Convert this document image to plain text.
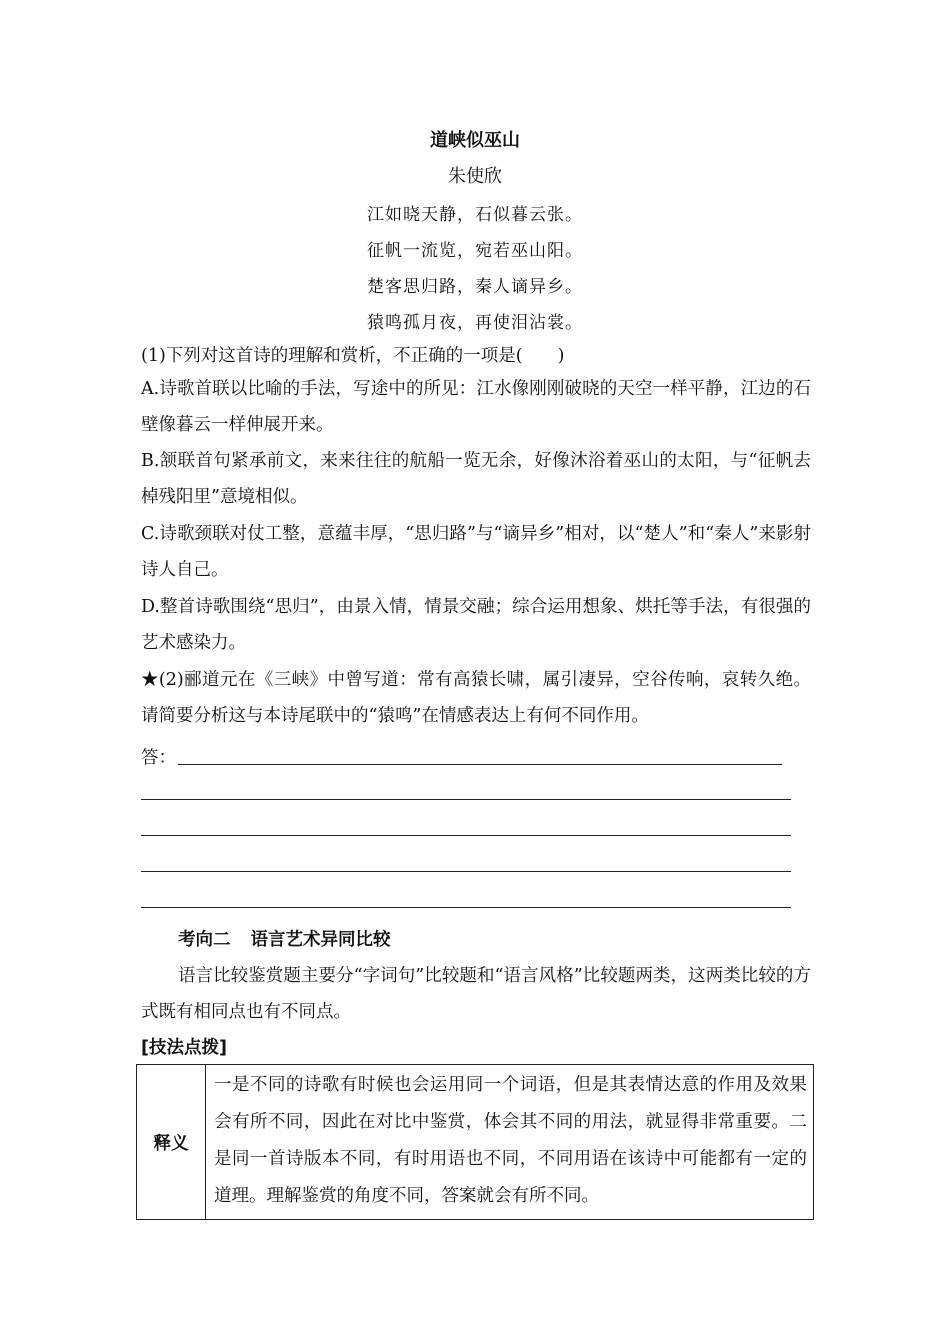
道峡似巫山
朱使欣
江如晓天静，石似暮云张。
征帆一流览，宛若巫山阳。
楚客思归路，秦人谪异乡。
猿鸣孤月夜，再使泪沾裳。
(1)下列对这首诗的理解和赏析，不正确的一项是(　　)
A.诗歌首联以比喻的手法，写途中的所见：江水像刚刚破晓的天空一样平静，江边的石壁像暮云一样伸展开来。
B.颔联首句紧承前文，来来往往的航船一览无余，好像沐浴着巫山的太阳，与“征帆去棹残阳里”意境相似。
C.诗歌颈联对仗工整，意蕴丰厚，“思归路”与“谪异乡”相对，以“楚人”和“秦人”来影射诗人自己。
D.整首诗歌围绕“思归”，由景入情，情景交融；综合运用想象、烘托等手法，有很强的艺术感染力。
★(2)郦道元在《三峡》中曾写道：常有高猿长啸，属引凄异，空谷传响，哀转久绝。请简要分析这与本诗尾联中的“猿鸣”在情感表达上有何不同作用。
答：
考向二 语言艺术异同比较
语言比较鉴赏题主要分“字词句”比较题和“语言风格”比较题两类，这两类比较的方式既有相同点也有不同点。
[技法点拨]
释义	一是不同的诗歌有时候也会运用同一个词语，但是其表情达意的作用及效果会有所不同，因此在对比中鉴赏，体会其不同的用法，就显得非常重要。二是同一首诗版本不同，有时用语也不同，不同用语在该诗中可能都有一定的道理。理解鉴赏的角度不同，答案就会有所不同。
